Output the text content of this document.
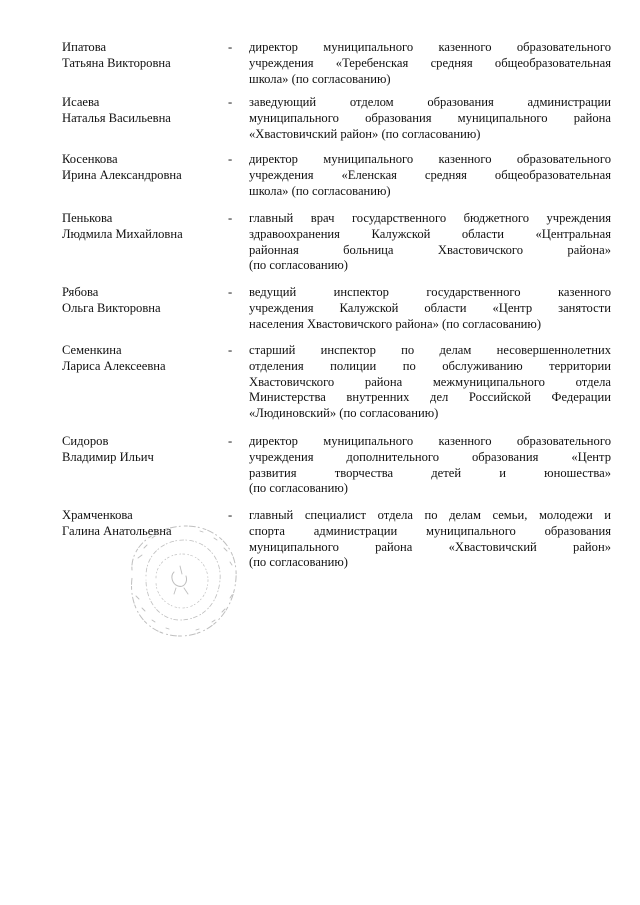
Ипатова
Татьяна Викторовна
- директор муниципального казенного образовательного
учреждения «Теребенская средняя общеобразовательная
школа» (по согласованию)
Исаева
Наталья Васильевна
- заведующий отделом образования администрации
муниципального образования муниципального района
«Хвастовичский район» (по согласованию)
Косенкова
Ирина Александровна
- директор муниципального казенного образовательного
учреждения «Еленская средняя общеобразовательная
школа» (по согласованию)
Пенькова
Людмила Михайловна
- главный врач государственного бюджетного учреждения
здравоохранения Калужской области «Центральная
районная больница Хвастовичского района»
(по согласованию)
Рябова
Ольга Викторовна
- ведущий инспектор государственного казенного
учреждения Калужской области «Центр занятости
населения Хвастовичского района» (по согласованию)
Семенкина
Лариса Алексеевна
- старший инспектор по делам несовершеннолетних
отделения полиции по обслуживанию территории
Хвастовичского района межмуниципального отдела
Министерства внутренних дел Российской Федерации
«Людиновский» (по согласованию)
Сидоров
Владимир Ильич
- директор муниципального казенного образовательного
учреждения дополнительного образования «Центр
развития творчества детей и юношества»
(по согласованию)
Храмченкова
Галина Анатольевна
- главный специалист отдела по делам семьи, молодежи и
спорта администрации муниципального образования
муниципального района «Хвастовичский район»
(по согласованию)
